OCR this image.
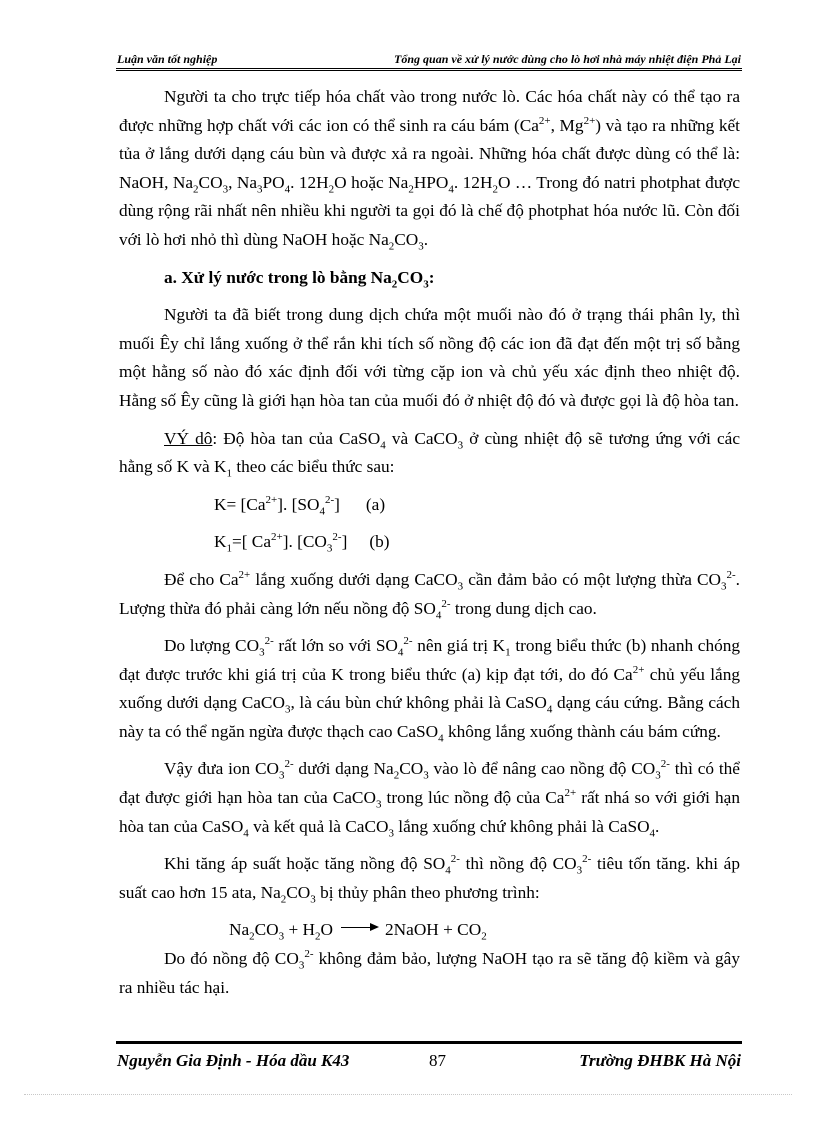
Luận văn tốt nghiệp	Tổng quan về xử lý nước dùng cho lò hơi nhà máy nhiệt điện Phả Lại

Người ta cho trực tiếp hóa chất vào trong nước lò. Các hóa chất này có thể tạo ra được những hợp chất với các ion có thể sinh ra cáu bám ($Ca^{2+}$, $Mg^{2+}$) và tạo ra những kết tủa ở lắng dưới dạng cáu bùn và được xả ra ngoài. Những hóa chất được dùng có thể là: NaOH, $Na_2CO_3$, $Na_3PO_4$. $12H_2O$ hoặc $Na_2HPO_4$. $12H_2O$ … Trong đó natri photphat được dùng rộng rãi nhất nên nhiều khi người ta gọi đó là chế độ photphat hóa nước lũ. Còn đối với lò hơi nhỏ thì dùng NaOH hoặc $Na_2CO_3$.

a. Xử lý nước trong lò bằng $Na_2CO_3$:

Người ta đã biết trong dung dịch chứa một muối nào đó ở trạng thái phân ly, thì muối Êy chỉ lắng xuống ở thể rắn khi tích số nồng độ các ion đã đạt đến một trị số bằng một hằng số nào đó xác định đối với từng cặp ion và chủ yếu xác định theo nhiệt độ. Hằng số Êy cũng là giới hạn hòa tan của muối đó ở nhiệt độ đó và được gọi là độ hòa tan.

VÝ dô: Độ hòa tan của CaSO$_4$ và CaCO$_3$ ở cùng nhiệt độ sẽ tương ứng với các hằng số K và $K_1$ theo các biểu thức sau:

$K= [Ca^{2+}]$. $[SO_4^{2-}]$ (a)

$K_1=$[ $Ca^{2+}$]. $[CO_3^{2-}]$ (b)

Để cho $Ca^{2+}$ lắng xuống dưới dạng CaCO$_3$ cần đảm bảo có một lượng thừa $CO_3^{2-}$. Lượng thừa đó phải càng lớn nếu nồng độ $SO_4^{2-}$ trong dung dịch cao.

Do lượng $CO_3^{2-}$ rất lớn so với $SO_4^{2-}$ nên giá trị $K_1$ trong biểu thức (b) nhanh chóng đạt được trước khi giá trị của K trong biểu thức (a) kịp đạt tới, do đó $Ca^{2+}$ chủ yếu lắng xuống dưới dạng CaCO$_3$, là cáu bùn chứ không phải là CaSO$_4$ dạng cáu cứng. Bằng cách này ta có thể ngăn ngừa được thạch cao CaSO$_4$ không lắng xuống thành cáu bám cứng.

Vậy đưa ion $CO_3^{2-}$ dưới dạng $Na_2CO_3$ vào lò để nâng cao nồng độ $CO_3^{2-}$ thì có thể đạt được giới hạn hòa tan của CaCO$_3$ trong lúc nồng độ của $Ca^{2+}$ rất nhá so với giới hạn hòa tan của CaSO$_4$ và kết quả là CaCO$_3$ lắng xuống chứ không phải là CaSO$_4$.

Khi tăng áp suất hoặc tăng nồng độ $SO_4^{2-}$ thì nồng độ $CO_3^{2-}$ tiêu tốn tăng. khi áp suất cao hơn 15 ata, $Na_2CO_3$ bị thủy phân theo phương trình:

$Na_2CO_3 + H_2O$ → 2NaOH + $CO_2$

Do đó nồng độ $CO_3^{2-}$ không đảm bảo, lượng NaOH tạo ra sẽ tăng độ kiềm và gây ra nhiều tác hại.

Nguyễn Gia Định - Hóa dầu K43	87	Trường ĐHBK Hà Nội
